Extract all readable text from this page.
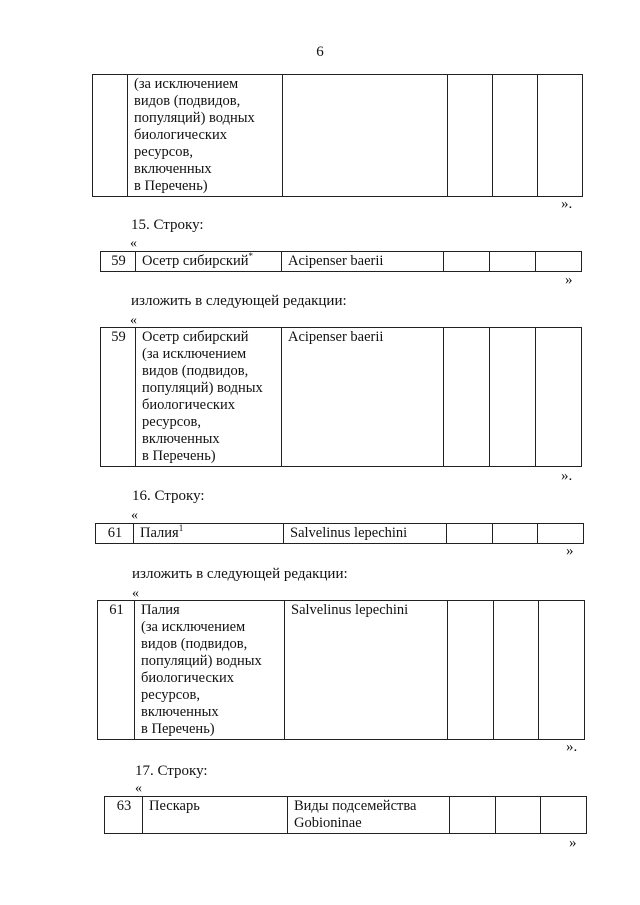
6
	(за исключением
видов (подвидов,
популяций) водных
биологических
ресурсов,
включенных
в Перечень)				
».
15. Строку:
«
59	Осетр сибирский*	Acipenser baerii			
»
изложить в следующей редакции:
«
59	Осетр сибирский
(за исключением
видов (подвидов,
популяций) водных
биологических
ресурсов,
включенных
в Перечень)	Acipenser baerii			
».
16. Строку:
«
61	Палия$^1$	Salvelinus lepechini			
»
изложить в следующей редакции:
«
61	Палия
(за исключением
видов (подвидов,
популяций) водных
биологических
ресурсов,
включенных
в Перечень)	Salvelinus lepechini			
».
17. Строку:
«
63	Пескарь	Виды подсемейства
Gobioninae			
»
